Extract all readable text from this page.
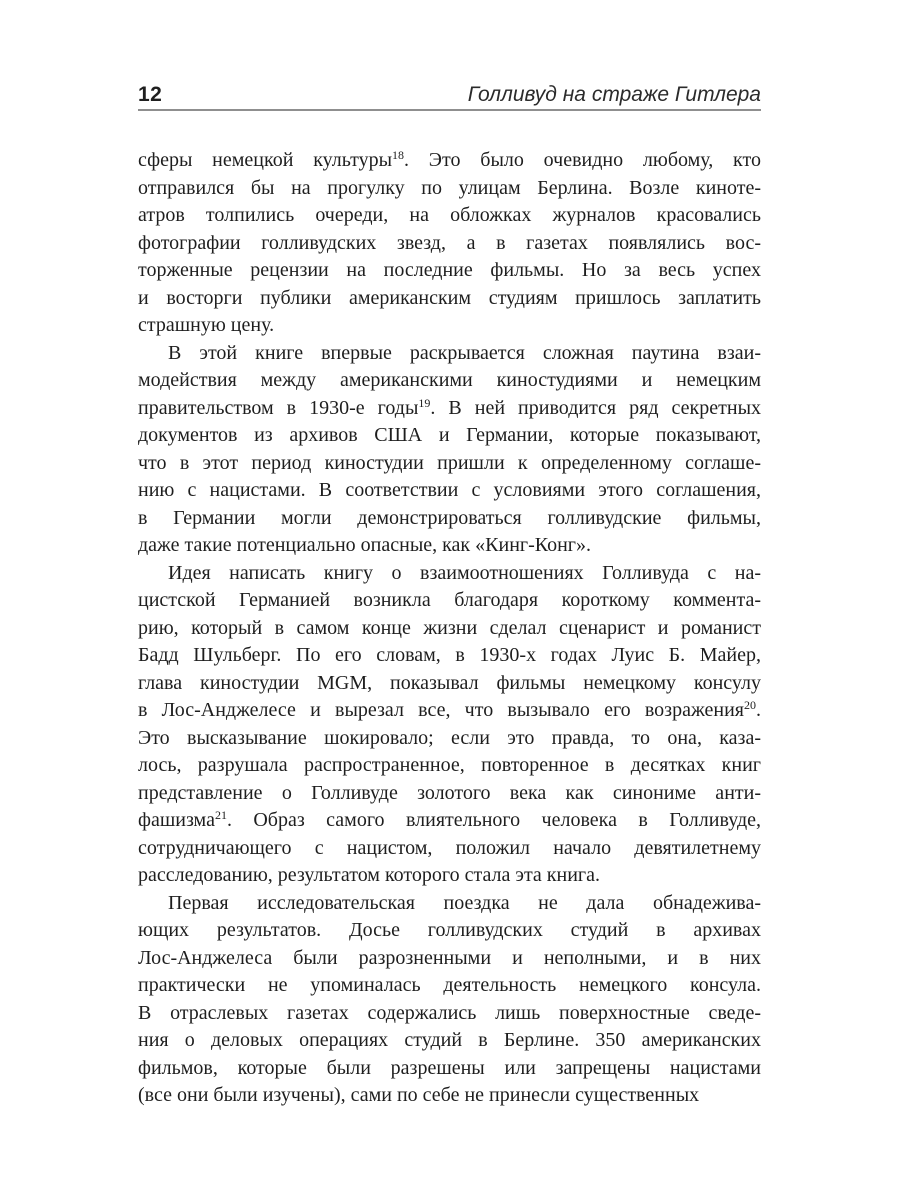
12	Голливуд на страже Гитлера
сферы немецкой культуры$^{18}$. Это было очевидно любому, кто
отправился бы на прогулку по улицам Берлина. Возле киноте-
атров толпились очереди, на обложках журналов красовались
фотографии голливудских звезд, а в газетах появлялись вос-
торженные рецензии на последние фильмы. Но за весь успех
и восторги публики американским студиям пришлось заплатить
страшную цену.
В этой книге впервые раскрывается сложная паутина взаи-
модействия между американскими киностудиями и немецким
правительством в 1930-е годы$^{19}$. В ней приводится ряд секретных
документов из архивов США и Германии, которые показывают,
что в этот период киностудии пришли к определенному соглаше-
нию с нацистами. В соответствии с условиями этого соглашения,
в Германии могли демонстрироваться голливудские фильмы,
даже такие потенциально опасные, как «Кинг-Конг».
Идея написать книгу о взаимоотношениях Голливуда с на-
цистской Германией возникла благодаря короткому коммента-
рию, который в самом конце жизни сделал сценарист и романист
Бадд Шульберг. По его словам, в 1930-х годах Луис Б. Майер,
глава киностудии MGM, показывал фильмы немецкому консулу
в Лос-Анджелесе и вырезал все, что вызывало его возражения$^{20}$.
Это высказывание шокировало; если это правда, то она, каза-
лось, разрушала распространенное, повторенное в десятках книг
представление о Голливуде золотого века как синониме анти-
фашизма$^{21}$. Образ самого влиятельного человека в Голливуде,
сотрудничающего с нацистом, положил начало девятилетнему
расследованию, результатом которого стала эта книга.
Первая исследовательская поездка не дала обнадежива-
ющих результатов. Досье голливудских студий в архивах
Лос-Анджелеса были разрозненными и неполными, и в них
практически не упоминалась деятельность немецкого консула.
В отраслевых газетах содержались лишь поверхностные сведе-
ния о деловых операциях студий в Берлине. 350 американских
фильмов, которые были разрешены или запрещены нацистами
(все они были изучены), сами по себе не принесли существенных
